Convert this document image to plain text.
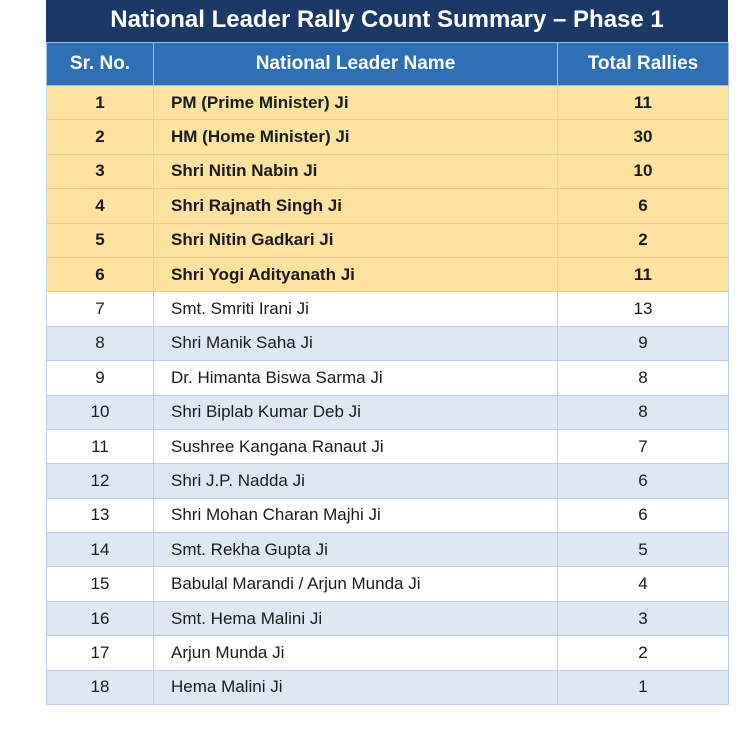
National Leader Rally Count Summary – Phase 1
Sr. No.	National Leader Name	Total Rallies
1	PM (Prime Minister) Ji	11
2	HM (Home Minister) Ji	30
3	Shri Nitin Nabin Ji	10
4	Shri Rajnath Singh Ji	6
5	Shri Nitin Gadkari Ji	2
6	Shri Yogi Adityanath Ji	11
7	Smt. Smriti Irani Ji	13
8	Shri Manik Saha Ji	9
9	Dr. Himanta Biswa Sarma Ji	8
10	Shri Biplab Kumar Deb Ji	8
11	Sushree Kangana Ranaut Ji	7
12	Shri J.P. Nadda Ji	6
13	Shri Mohan Charan Majhi Ji	6
14	Smt. Rekha Gupta Ji	5
15	Babulal Marandi / Arjun Munda Ji	4
16	Smt. Hema Malini Ji	3
17	Arjun Munda Ji	2
18	Hema Malini Ji	1
